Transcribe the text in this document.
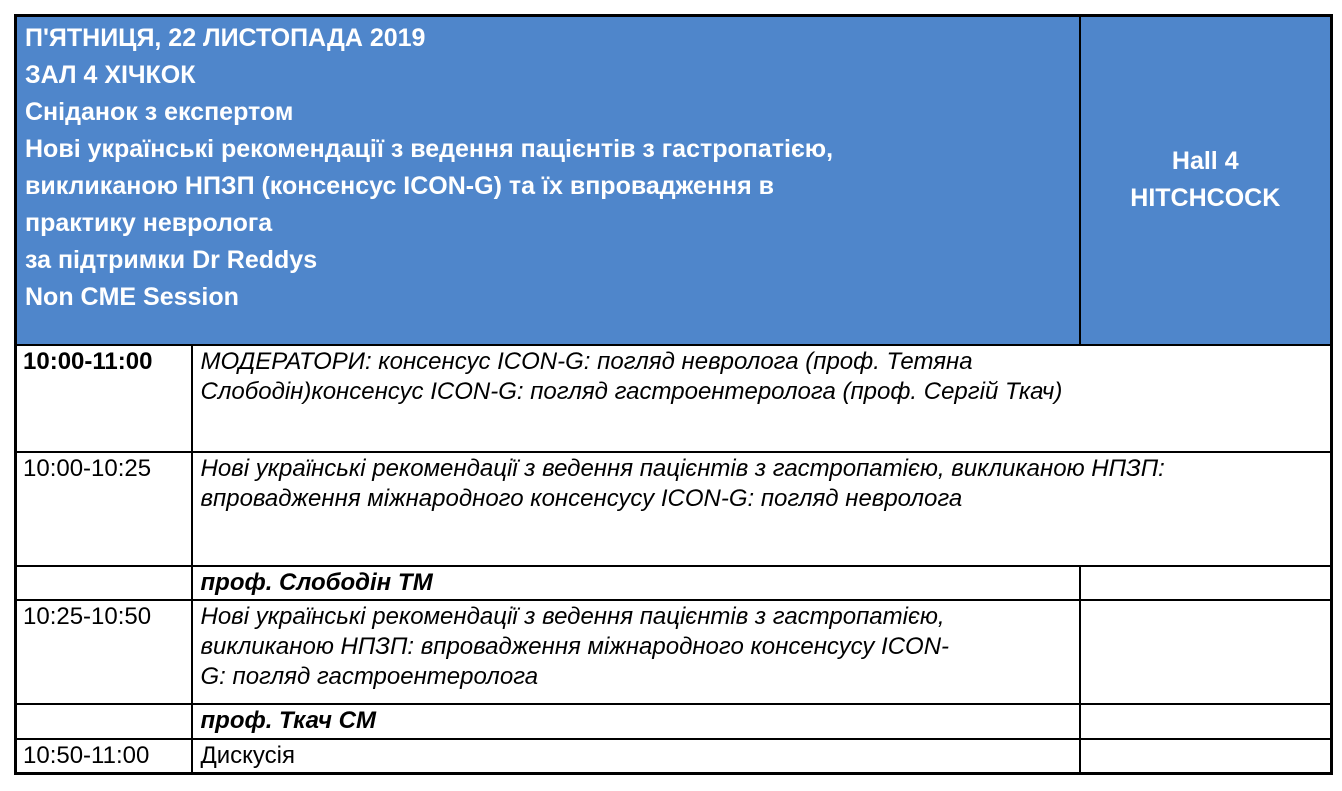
П'ЯТНИЦЯ, 22 ЛИСТОПАДА 2019
ЗАЛ 4 ХІЧКОК
Сніданок з експертом
Нові українські рекомендації з ведення пацієнтів з гастропатією,
викликаною НПЗП (консенсус ICON-G) та їх впровадження в
практику невролога
за підтримки Dr Reddys
Non CME Session

Hall 4
HITCHCOCK

10:00-11:00	МОДЕРАТОРИ: консенсус ICON-G: погляд невролога (проф. Тетяна
Слободін)консенсус ICON-G: погляд гастроентеролога (проф. Сергій Ткач)	

10:00-10:25	Нові українські рекомендації з ведення пацієнтів з гастропатією, викликаною НПЗП:
впровадження міжнародного консенсусу ICON-G: погляд невролога	

	проф. Слободін ТМ	
10:25-10:50	Нові українські рекомендації з ведення пацієнтів з гастропатією,
викликаною НПЗП: впровадження міжнародного консенсусу ICON-
G: погляд гастроентеролога	

	проф. Ткач СМ	
10:50-11:00	Дискусія	
